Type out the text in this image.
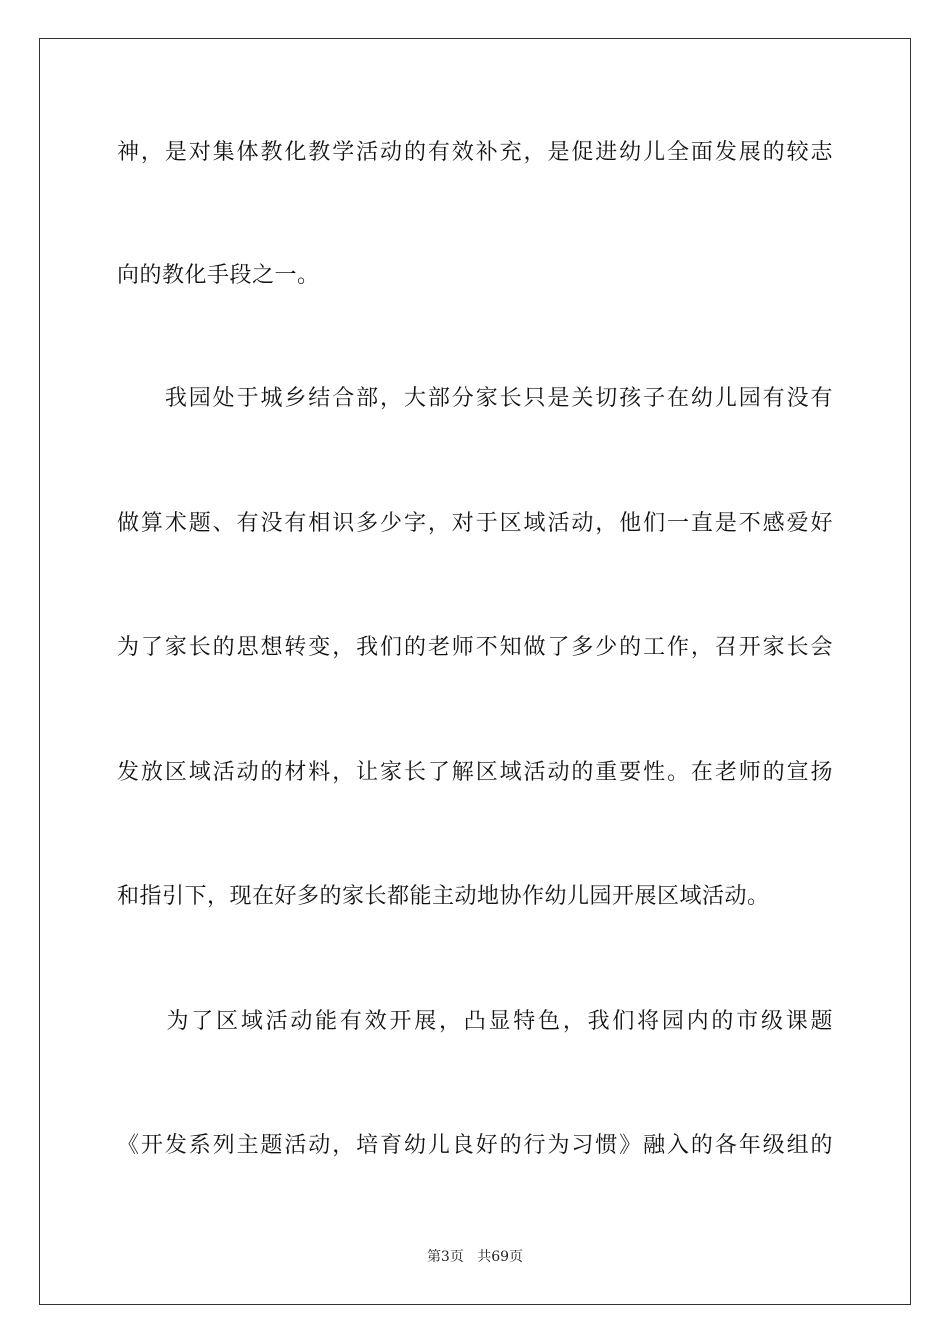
神，是对集体教化教学活动的有效补充，是促进幼儿全面发展的较志
向的教化手段之一。
　　我园处于城乡结合部，大部分家长只是关切孩子在幼儿园有没有
做算术题、有没有相识多少字，对于区域活动，他们一直是不感爱好
为了家长的思想转变，我们的老师不知做了多少的工作，召开家长会
发放区域活动的材料，让家长了解区域活动的重要性。在老师的宣扬
和指引下，现在好多的家长都能主动地协作幼儿园开展区域活动。
　　为了区域活动能有效开展，凸显特色，我们将园内的市级课题
《开发系列主题活动，培育幼儿良好的行为习惯》融入的各年级组的
第3页 共69页
